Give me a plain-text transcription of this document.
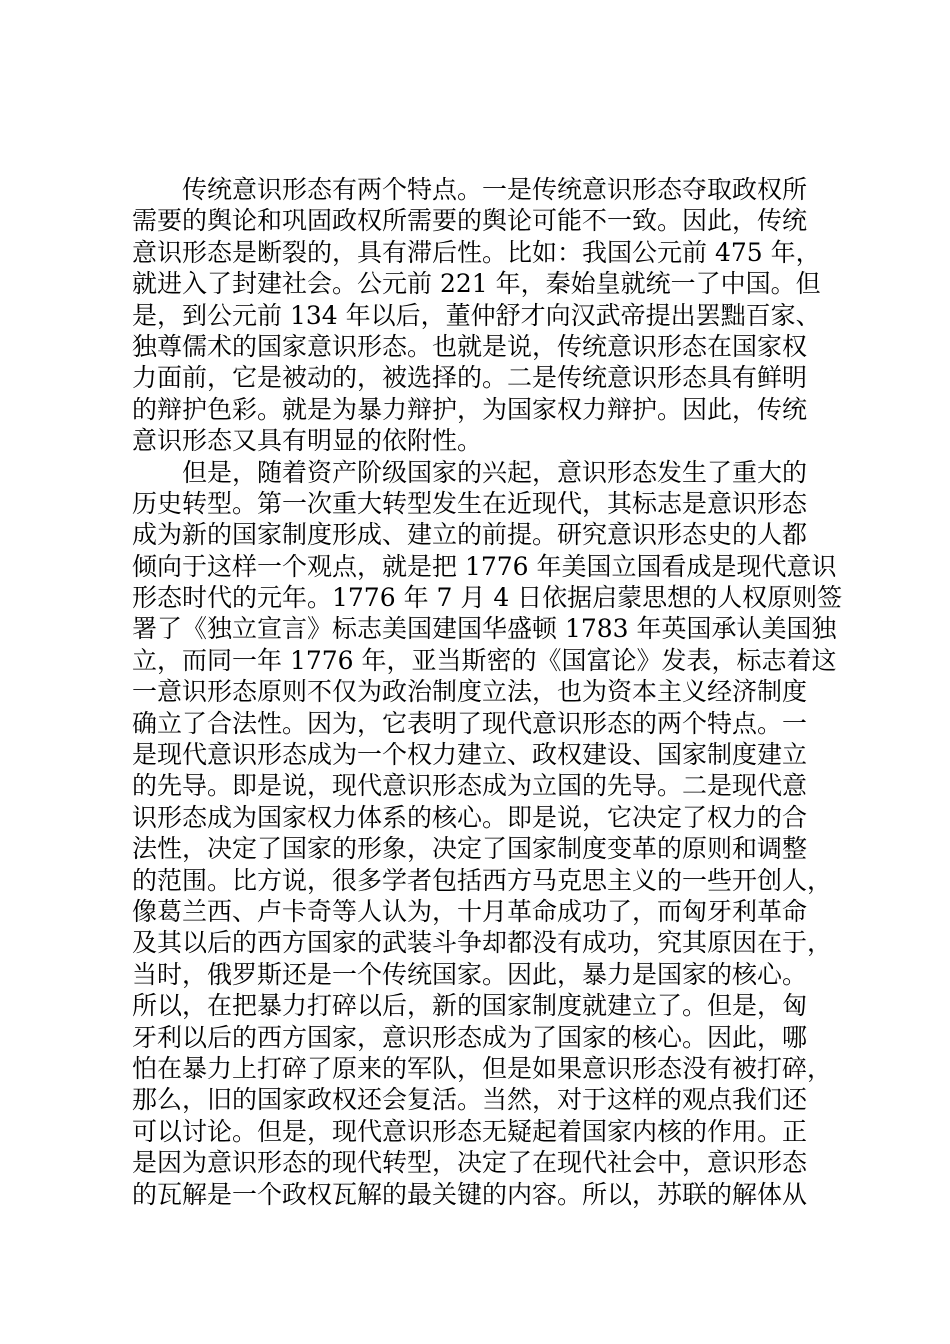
传统意识形态有两个特点。一是传统意识形态夺取政权所
需要的舆论和巩固政权所需要的舆论可能不一致。因此，传统
意识形态是断裂的，具有滞后性。比如：我国公元前 475 年，
就进入了封建社会。公元前 221 年，秦始皇就统一了中国。但
是，到公元前 134 年以后，董仲舒才向汉武帝提出罢黜百家、
独尊儒术的国家意识形态。也就是说，传统意识形态在国家权
力面前，它是被动的，被选择的。二是传统意识形态具有鲜明
的辩护色彩。就是为暴力辩护，为国家权力辩护。因此，传统
意识形态又具有明显的依附性。
但是，随着资产阶级国家的兴起，意识形态发生了重大的
历史转型。第一次重大转型发生在近现代，其标志是意识形态
成为新的国家制度形成、建立的前提。研究意识形态史的人都
倾向于这样一个观点，就是把 1776 年美国立国看成是现代意识
形态时代的元年。1776 年 7 月 4 日依据启蒙思想的人权原则签
署了《独立宣言》标志美国建国华盛顿 1783 年英国承认美国独
立，而同一年 1776 年，亚当斯密的《国富论》发表，标志着这
一意识形态原则不仅为政治制度立法，也为资本主义经济制度
确立了合法性。因为，它表明了现代意识形态的两个特点。一
是现代意识形态成为一个权力建立、政权建设、国家制度建立
的先导。即是说，现代意识形态成为立国的先导。二是现代意
识形态成为国家权力体系的核心。即是说，它决定了权力的合
法性，决定了国家的形象，决定了国家制度变革的原则和调整
的范围。比方说，很多学者包括西方马克思主义的一些开创人，
像葛兰西、卢卡奇等人认为，十月革命成功了，而匈牙利革命
及其以后的西方国家的武装斗争却都没有成功，究其原因在于，
当时，俄罗斯还是一个传统国家。因此，暴力是国家的核心。
所以，在把暴力打碎以后，新的国家制度就建立了。但是，匈
牙利以后的西方国家，意识形态成为了国家的核心。因此，哪
怕在暴力上打碎了原来的军队，但是如果意识形态没有被打碎，
那么，旧的国家政权还会复活。当然，对于这样的观点我们还
可以讨论。但是，现代意识形态无疑起着国家内核的作用。正
是因为意识形态的现代转型，决定了在现代社会中，意识形态
的瓦解是一个政权瓦解的最关键的内容。所以，苏联的解体从
